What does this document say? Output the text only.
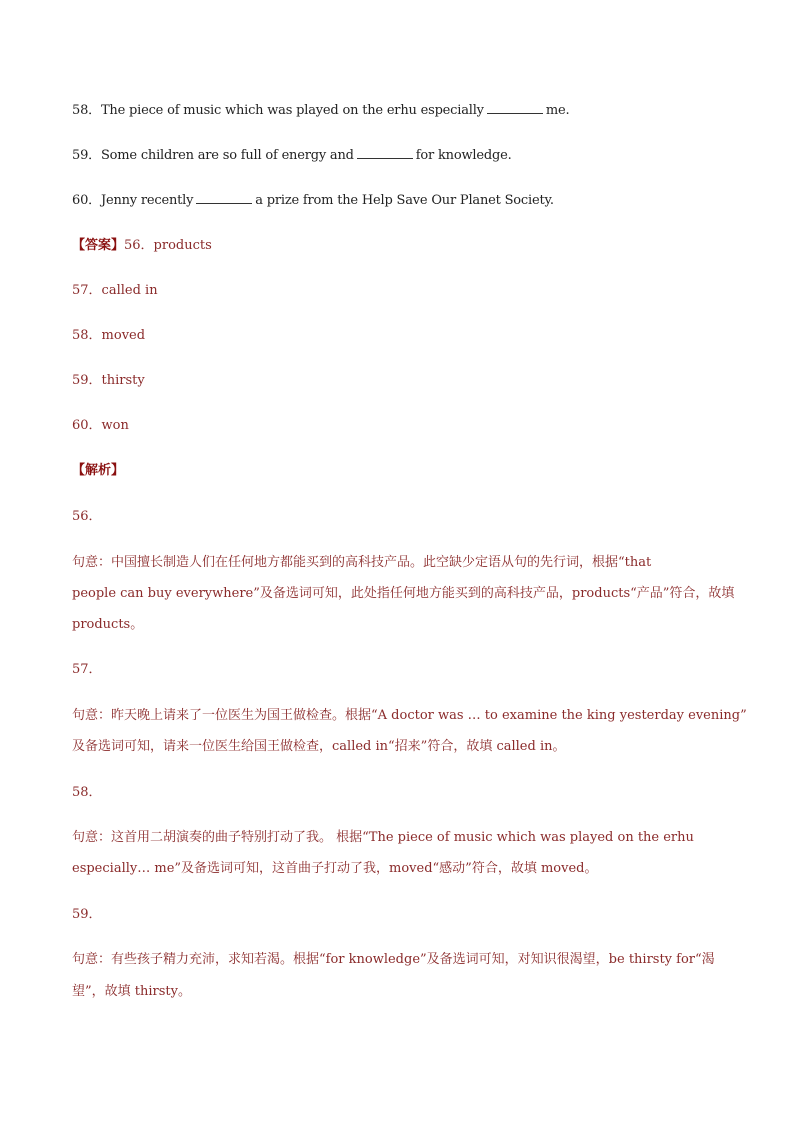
58．The piece of music which was played on the erhu especially	me.
59．Some children are so full of energy and	for knowledge.
60．Jenny recently	a prize from the Help Save Our Planet Society.
【答案】56．products
57．called in
58．moved
59．thirsty
60．won
【解析】
56．
句意：中国擅长制造人们在任何地方都能买到的高科技产品。此空缺少定语从句的先行词，根据“that
people can buy everywhere”及备选词可知，此处指任何地方能买到的高科技产品，products“产品”符合，故填
products。
57．
句意：昨天晚上请来了一位医生为国王做检查。根据“A doctor was … to examine the king yesterday evening”
及备选词可知，请来一位医生给国王做检查，called in“招来”符合，故填 called in。
58．
句意：这首用二胡演奏的曲子特别打动了我。 根据“The piece of music which was played on the erhu
especially… me”及备选词可知，这首曲子打动了我，moved“感动”符合，故填 moved。
59．
句意：有些孩子精力充沛，求知若渴。根据“for knowledge”及备选词可知，对知识很渴望，be thirsty for“渴
望”，故填 thirsty。
